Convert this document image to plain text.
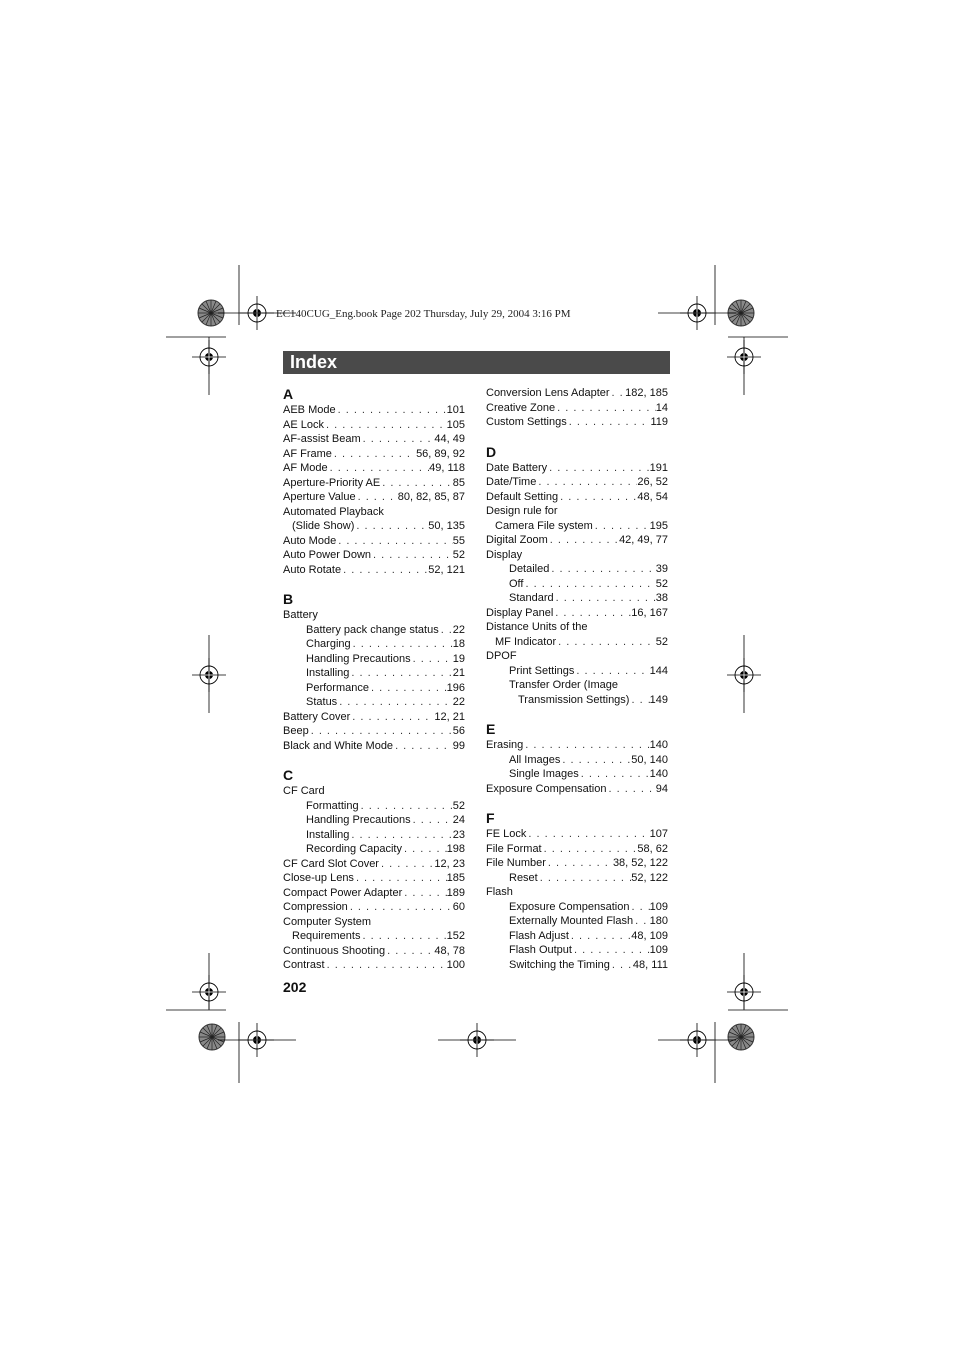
EC140CUG_Eng.book Page 202 Thursday, July 29, 2004 3:16 PM
Index
A
AEB Mode . . .	101
AE Lock . . .	105
AF-assist Beam . . .	44, 49
AF Frame . . .	56, 89, 92
AF Mode . . .	49, 118
Aperture-Priority AE . . .	85
Aperture Value . . .	80, 82, 85, 87
Automated Playback
(Slide Show) . . .	50, 135
Auto Mode . . .	55
Auto Power Down . . .	52
Auto Rotate . . .	52, 121
B
Battery
Battery pack change status . . . 22
Charging . . .	18
Handling Precautions . . .	19
Installing . . .	21
Performance . . .	196
Status . . .	22
Battery Cover . . .	12, 21
Beep . . .	56
Black and White Mode . . .	99
C
CF Card
Formatting . . .	52
Handling Precautions . . .	24
Installing . . .	23
Recording Capacity . . .	198
CF Card Slot Cover . . .	12, 23
Close-up Lens . . .	185
Compact Power Adapter . . .	189
Compression . . .	60
Computer System
Requirements . . .	152
Continuous Shooting . . .	48, 78
Contrast . . .	100
Conversion Lens Adapter . . . 182, 185
Creative Zone . . .	14
Custom Settings . . .	119
D
Date Battery . . .	191
Date/Time . . .	26, 52
Default Setting . . .	48, 54
Design rule for
Camera File system . . .	195
Digital Zoom . . .	42, 49, 77
Display
Detailed . . .	39
Off . . .	52
Standard . . .	38
Display Panel . . .	16, 167
Distance Units of the
MF Indicator . . .	52
DPOF
Print Settings . . .	144
Transfer Order (Image
Transmission Settings) . . . 149
E
Erasing . . .	140
All Images . . .	50, 140
Single Images . . .	140
Exposure Compensation . . .	94
F
FE Lock . . .	107
File Format . . .	58, 62
File Number . . .	38, 52, 122
Reset . . .	52, 122
Flash
Exposure Compensation . . . 109
Externally Mounted Flash . . . 180
Flash Adjust . . .	48, 109
Flash Output . . .	109
Switching the Timing . . . 48, 111
202
